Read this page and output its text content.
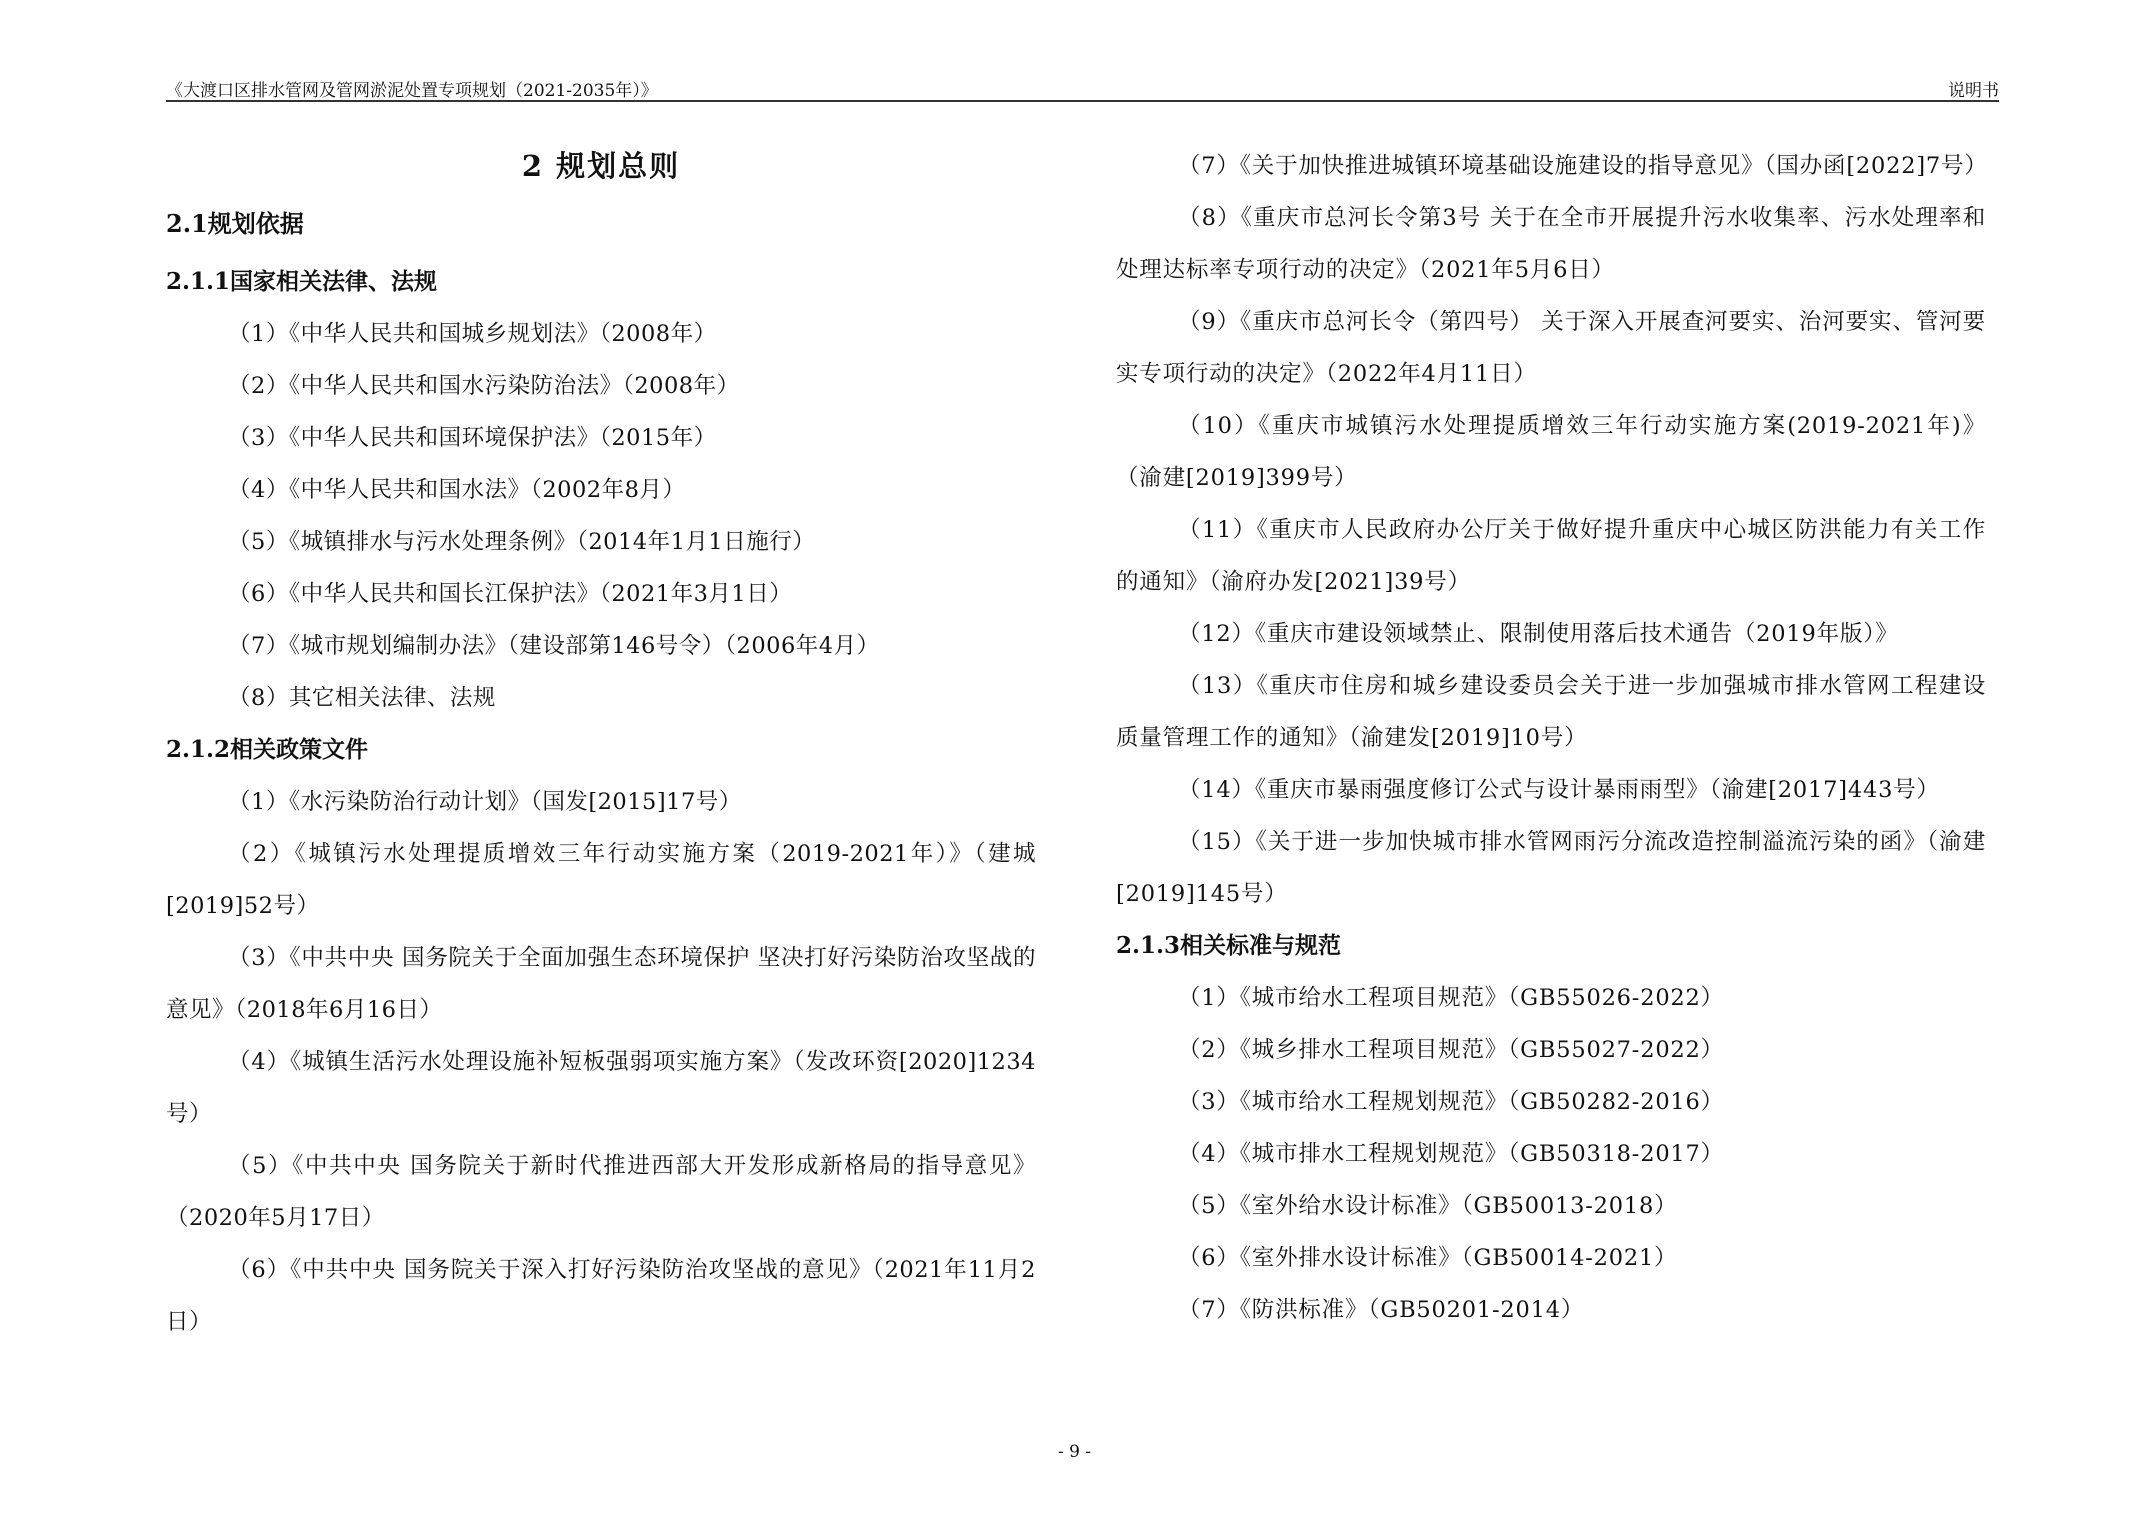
《大渡口区排水管网及管网淤泥处置专项规划（2021-2035年）》	说明书
2 规划总则
2.1规划依据
2.1.1国家相关法律、法规

（1）《中华人民共和国城乡规划法》（2008年）

（2）《中华人民共和国水污染防治法》（2008年）

（3）《中华人民共和国环境保护法》（2015年）

（4）《中华人民共和国水法》（2002年8月）

（5）《城镇排水与污水处理条例》（2014年1月1日施行）

（6）《中华人民共和国长江保护法》（2021年3月1日）

（7）《城市规划编制办法》（建设部第146号令）（2006年4月）

（8）其它相关法律、法规

2.1.2相关政策文件

（1）《水污染防治行动计划》（国发[2015]17号）

（2）《城镇污水处理提质增效三年行动实施方案（2019-2021年）》（建城[2019]52号）

（3）《中共中央 国务院关于全面加强生态环境保护 坚决打好污染防治攻坚战的意见》（2018年6月16日）

（4）《城镇生活污水处理设施补短板强弱项实施方案》（发改环资[2020]1234号）

（5）《中共中央 国务院关于新时代推进西部大开发形成新格局的指导意见》（2020年5月17日）

（6）《中共中央 国务院关于深入打好污染防治攻坚战的意见》（2021年11月2日）

（7）《关于加快推进城镇环境基础设施建设的指导意见》（国办函[2022]7号）

（8）《重庆市总河长令第3号 关于在全市开展提升污水收集率、污水处理率和处理达标率专项行动的决定》（2021年5月6日）

（9）《重庆市总河长令（第四号） 关于深入开展查河要实、治河要实、管河要实专项行动的决定》（2022年4月11日）

（10）《重庆市城镇污水处理提质增效三年行动实施方案(2019-2021年)》（渝建[2019]399号）

（11）《重庆市人民政府办公厅关于做好提升重庆中心城区防洪能力有关工作的通知》（渝府办发[2021]39号）

（12）《重庆市建设领域禁止、限制使用落后技术通告（2019年版）》

（13）《重庆市住房和城乡建设委员会关于进一步加强城市排水管网工程建设质量管理工作的通知》（渝建发[2019]10号）

（14）《重庆市暴雨强度修订公式与设计暴雨雨型》（渝建[2017]443号）

（15）《关于进一步加快城市排水管网雨污分流改造控制溢流污染的函》（渝建[2019]145号）

2.1.3相关标准与规范

（1）《城市给水工程项目规范》（GB55026-2022）

（2）《城乡排水工程项目规范》（GB55027-2022）

（3）《城市给水工程规划规范》（GB50282-2016）

（4）《城市排水工程规划规范》（GB50318-2017）

（5）《室外给水设计标准》（GB50013-2018）

（6）《室外排水设计标准》（GB50014-2021）

（7）《防洪标准》（GB50201-2014）

- 9 -
